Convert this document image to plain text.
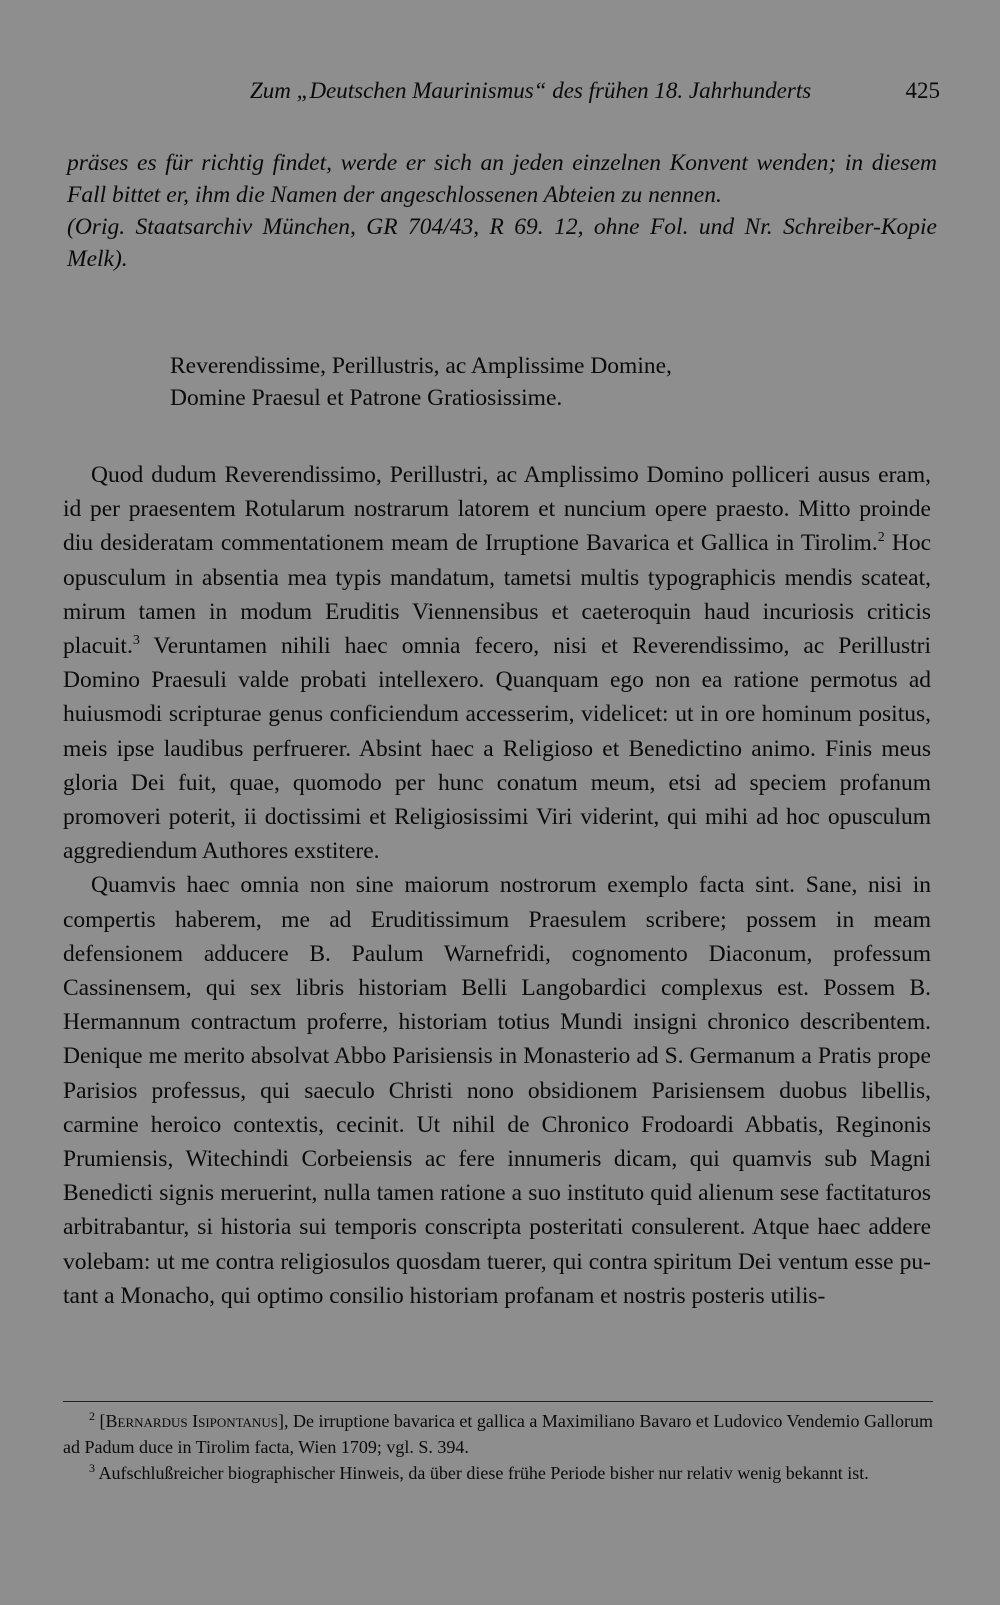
Zum „Deutschen Maurinismus“ des frühen 18. Jahrhunderts	425

präses es für richtig findet, werde er sich an jeden einzelnen Konvent wenden; in diesem Fall bittet er, ihm die Namen der angeschlossenen Abteien zu nennen.

(Orig. Staatsarchiv München, GR 704/43, R 69. 12, ohne Fol. und Nr. Schreiber-Kopie Melk).

Reverendissime, Perillustris, ac Amplissime Domine,

Domine Praesul et Patrone Gratiosissime.

Quod dudum Reverendissimo, Perillustri, ac Amplissimo Domino polliceri ausus eram, id per praesentem Rotularum nostrarum latorem et nuncium opere praesto. Mitto proinde diu desideratam commentationem meam de Irruptione Bavarica et Gallica in Tirolim.$^2$ Hoc opusculum in absentia mea typis mandatum, tametsi multis typographicis mendis scateat, mirum tamen in modum Eruditis Viennensibus et caeteroquin haud incuriosis criticis placuit.$^3$ Veruntamen nihili haec omnia fecero, nisi et Reverendissimo, ac Perillustri Domino Praesuli valde probati intellexero. Quanquam ego non ea ratione permotus ad huiusmodi scripturae genus conficiendum accesserim, videlicet: ut in ore hominum positus, meis ipse laudibus perfruerer. Absint haec a Religioso et Benedictino animo. Finis meus gloria Dei fuit, quae, quomodo per hunc conatum meum, etsi ad speciem profanum promoveri poterit, ii doctissimi et Religiosissimi Viri viderint, qui mihi ad hoc opusculum aggrediendum Authores exstitere.

Quamvis haec omnia non sine maiorum nostrorum exemplo facta sint. Sane, nisi in compertis haberem, me ad Eruditissimum Praesulem scribere; possem in meam defensionem adducere B. Paulum Warnefridi, cognomento Diaconum, professum Cassinensem, qui sex libris historiam Belli Langobardici complexus est. Possem B. Hermannum contractum proferre, historiam totius Mundi insigni chronico describentem. Denique me merito absolvat Abbo Parisiensis in Monasterio ad S. Germanum a Pratis prope Parisios professus, qui saeculo Christi nono obsidionem Parisiensem duobus libellis, carmine heroico contextis, cecinit. Ut nihil de Chronico Frodoardi Abbatis, Reginonis Prumiensis, Witechindi Corbeiensis ac fere innumeris dicam, qui quamvis sub Magni Benedicti signis meruerint, nulla tamen ratione a suo instituto quid alienum sese factitaturos arbitrabantur, si historia sui temporis conscripta posteritati consulerent. Atque haec addere volebam: ut me contra religiosulos quosdam tuerer, qui contra spiritum Dei ventum esse putant a Monacho, qui optimo consilio historiam profanam et nostris posteris utilis-

$^2$ [Bernardus Isipontanus], De irruptione bavarica et gallica a Maximiliano Bavaro et Ludovico Vendemio Gallorum ad Padum duce in Tirolim facta, Wien 1709; vgl. S. 394.

$^3$ Aufschlußreicher biographischer Hinweis, da über diese frühe Periode bisher nur relativ wenig bekannt ist.
